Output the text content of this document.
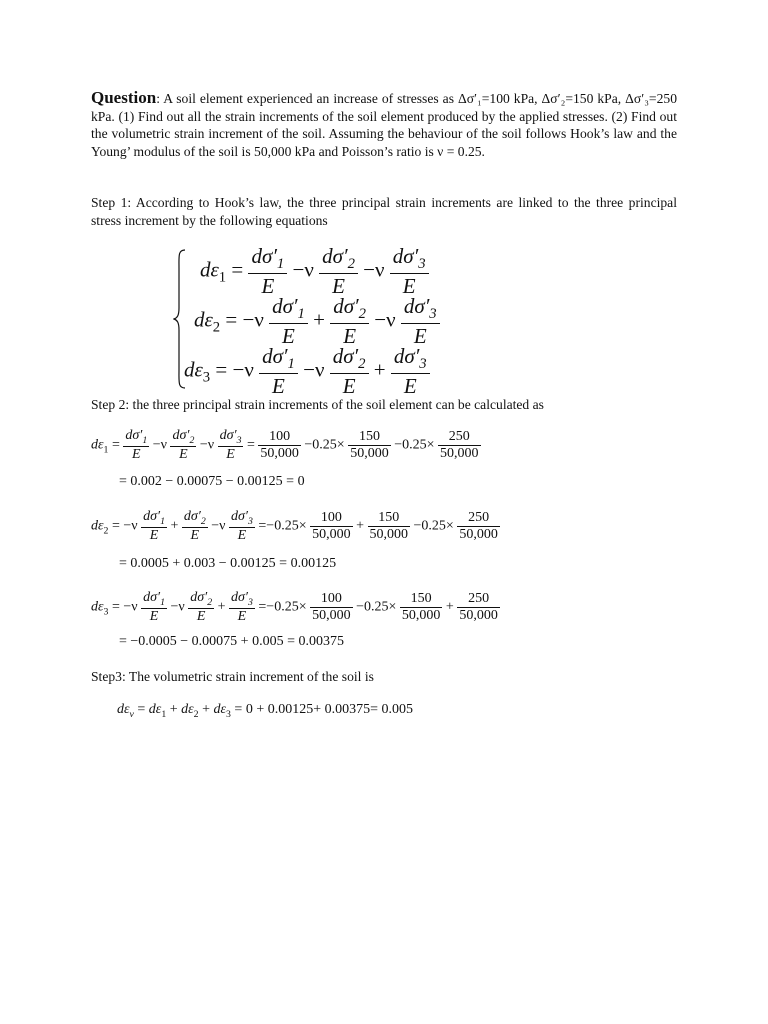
Question: A soil element experienced an increase of stresses as Δσ′₁=100 kPa, Δσ′₂=150 kPa, Δσ′₃=250 kPa. (1) Find out all the strain increments of the soil element produced by the applied stresses. (2) Find out the volumetric strain increment of the soil. Assuming the behaviour of the soil follows Hook’s law and the Young’ modulus of the soil is 50,000 kPa and Poisson’s ratio is ν = 0.25.
Step 1: According to Hook’s law, the three principal strain increments are linked to the three principal stress increment by the following equations
$d\varepsilon_1 = \frac{d\sigma'_1}{E} -\nu \frac{d\sigma'_2}{E} -\nu \frac{d\sigma'_3}{E}$
$d\varepsilon_2 = -\nu \frac{d\sigma'_1}{E} + \frac{d\sigma'_2}{E} -\nu \frac{d\sigma'_3}{E}$
$d\varepsilon_3 = -\nu \frac{d\sigma'_1}{E} -\nu \frac{d\sigma'_2}{E} + \frac{d\sigma'_3}{E}$
Step 2: the three principal strain increments of the soil element can be calculated as
$d\varepsilon_1 = \frac{d\sigma'_1}{E} -\nu \frac{d\sigma'_2}{E} -\nu \frac{d\sigma'_3}{E} = \frac{100}{50,000} -0.25\times \frac{150}{50,000} -0.25\times \frac{250}{50,000}$
= 0.002 − 0.00075 − 0.00125 = 0
$d\varepsilon_2 = -\nu \frac{d\sigma'_1}{E} + \frac{d\sigma'_2}{E} -\nu \frac{d\sigma'_3}{E} =-0.25\times \frac{100}{50,000} + \frac{150}{50,000} -0.25\times \frac{250}{50,000}$
= 0.0005 + 0.003 − 0.00125 = 0.00125
$d\varepsilon_3 = -\nu \frac{d\sigma'_1}{E} -\nu \frac{d\sigma'_2}{E} + \frac{d\sigma'_3}{E} =-0.25\times \frac{100}{50,000} -0.25\times \frac{150}{50,000} + \frac{250}{50,000}$
= −0.0005 − 0.00075 + 0.005 = 0.00375
Step3: The volumetric strain increment of the soil is
$d\varepsilon_v = d\varepsilon_1 + d\varepsilon_2 + d\varepsilon_3 = 0 + 0.00125+ 0.00375= 0.005$
